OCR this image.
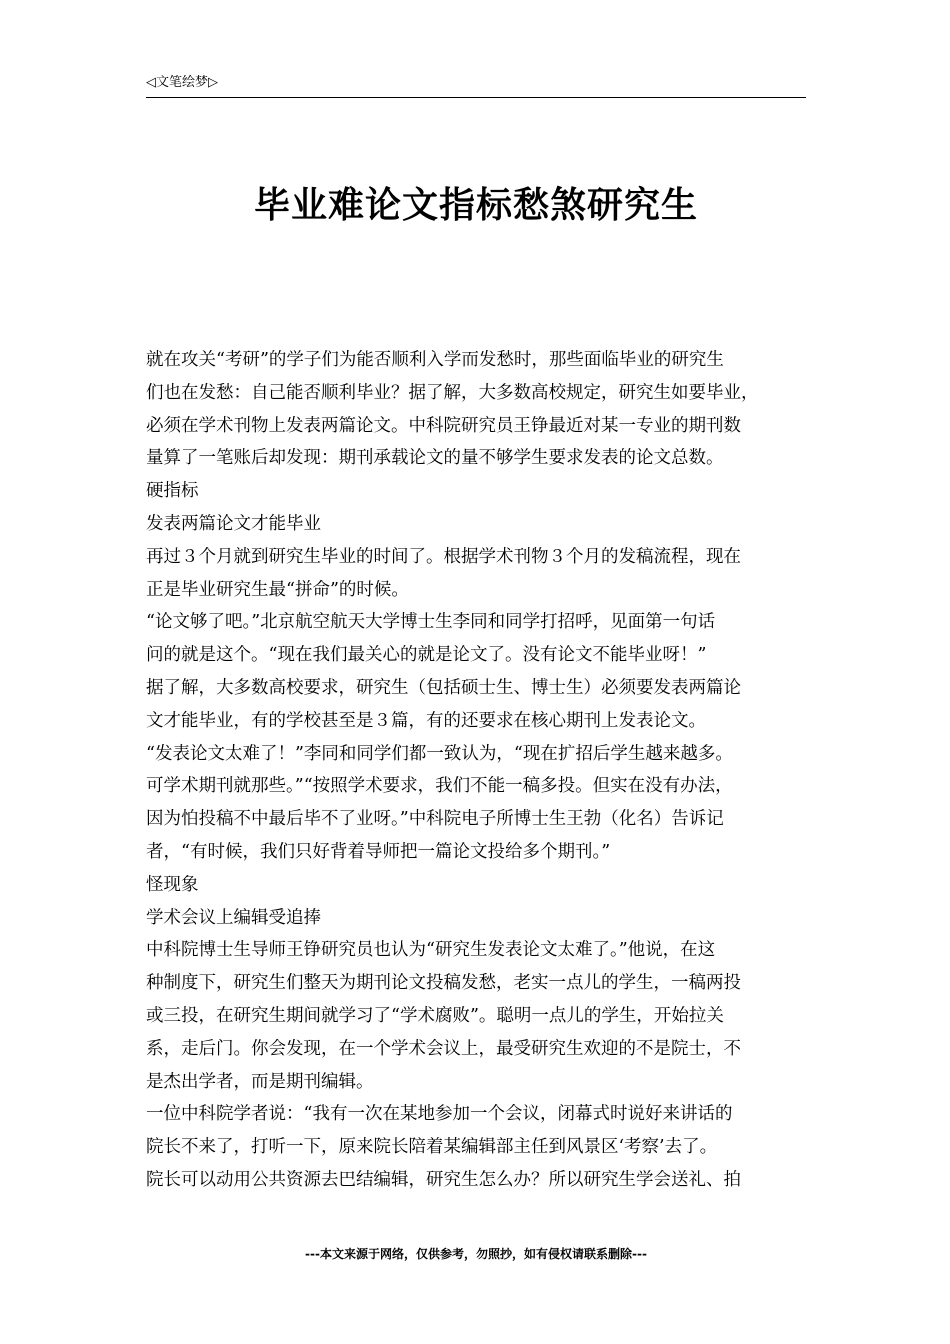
◁文笔绘梦▷
毕业难论文指标愁煞研究生
就在攻关“考研”的学子们为能否顺利入学而发愁时，那些面临毕业的研究生
们也在发愁：自己能否顺利毕业？据了解，大多数高校规定，研究生如要毕业，
必须在学术刊物上发表两篇论文。中科院研究员王铮最近对某一专业的期刊数
量算了一笔账后却发现：期刊承载论文的量不够学生要求发表的论文总数。
硬指标
发表两篇论文才能毕业
再过３个月就到研究生毕业的时间了。根据学术刊物３个月的发稿流程，现在
正是毕业研究生最“拼命”的时候。
“论文够了吧。”北京航空航天大学博士生李同和同学打招呼，见面第一句话
问的就是这个。“现在我们最关心的就是论文了。没有论文不能毕业呀！”
据了解，大多数高校要求，研究生（包括硕士生、博士生）必须要发表两篇论
文才能毕业，有的学校甚至是３篇，有的还要求在核心期刊上发表论文。
“发表论文太难了！”李同和同学们都一致认为，“现在扩招后学生越来越多。
可学术期刊就那些。”“按照学术要求，我们不能一稿多投。但实在没有办法，
因为怕投稿不中最后毕不了业呀。”中科院电子所博士生王勃（化名）告诉记
者，“有时候，我们只好背着导师把一篇论文投给多个期刊。”
怪现象
学术会议上编辑受追捧
中科院博士生导师王铮研究员也认为“研究生发表论文太难了。”他说，在这
种制度下，研究生们整天为期刊论文投稿发愁，老实一点儿的学生，一稿两投
或三投，在研究生期间就学习了“学术腐败”。聪明一点儿的学生，开始拉关
系，走后门。你会发现，在一个学术会议上，最受研究生欢迎的不是院士，不
是杰出学者，而是期刊编辑。
一位中科院学者说：“我有一次在某地参加一个会议，闭幕式时说好来讲话的
院长不来了，打听一下，原来院长陪着某编辑部主任到风景区‘考察’去了。
院长可以动用公共资源去巴结编辑，研究生怎么办？所以研究生学会送礼、拍
---本文来源于网络，仅供参考，勿照抄，如有侵权请联系删除---
